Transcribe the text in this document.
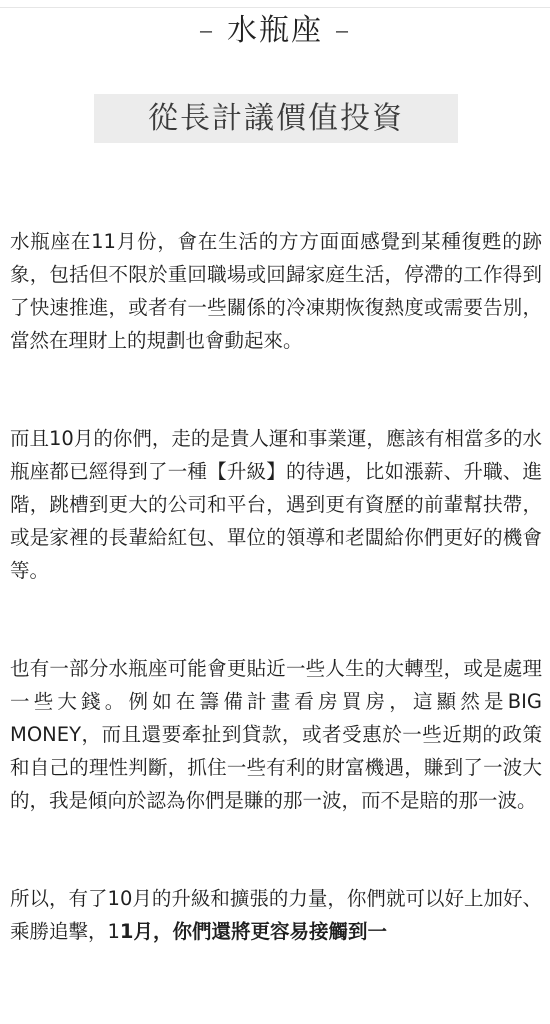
– 水瓶座 –
從長計議價值投資

水瓶座在11月份，會在生活的方方面面感覺到某種復甦的跡象，包括但不限於重回職場或回歸家庭生活，停滯的工作得到了快速推進，或者有一些關係的冷凍期恢復熱度或需要告別，當然在理財上的規劃也會動起來。

而且10月的你們，走的是貴人運和事業運，應該有相當多的水瓶座都已經得到了一種【升級】的待遇，比如漲薪、升職、進階，跳槽到更大的公司和平台，遇到更有資歷的前輩幫扶帶，或是家裡的長輩給紅包、單位的領導和老闆給你們更好的機會等。

也有一部分水瓶座可能會更貼近一些人生的大轉型，或是處理一些大錢。例如在籌備計畫看房買房，這顯然是BIG MONEY，而且還要牽扯到貸款，或者受惠於一些近期的政策和自己的理性判斷，抓住一些有利的財富機遇，賺到了一波大的，我是傾向於認為你們是賺的那一波，而不是賠的那一波。

所以，有了10月的升級和擴張的力量，你們就可以好上加好、乘勝追擊，11月，你們還將更容易接觸到一
